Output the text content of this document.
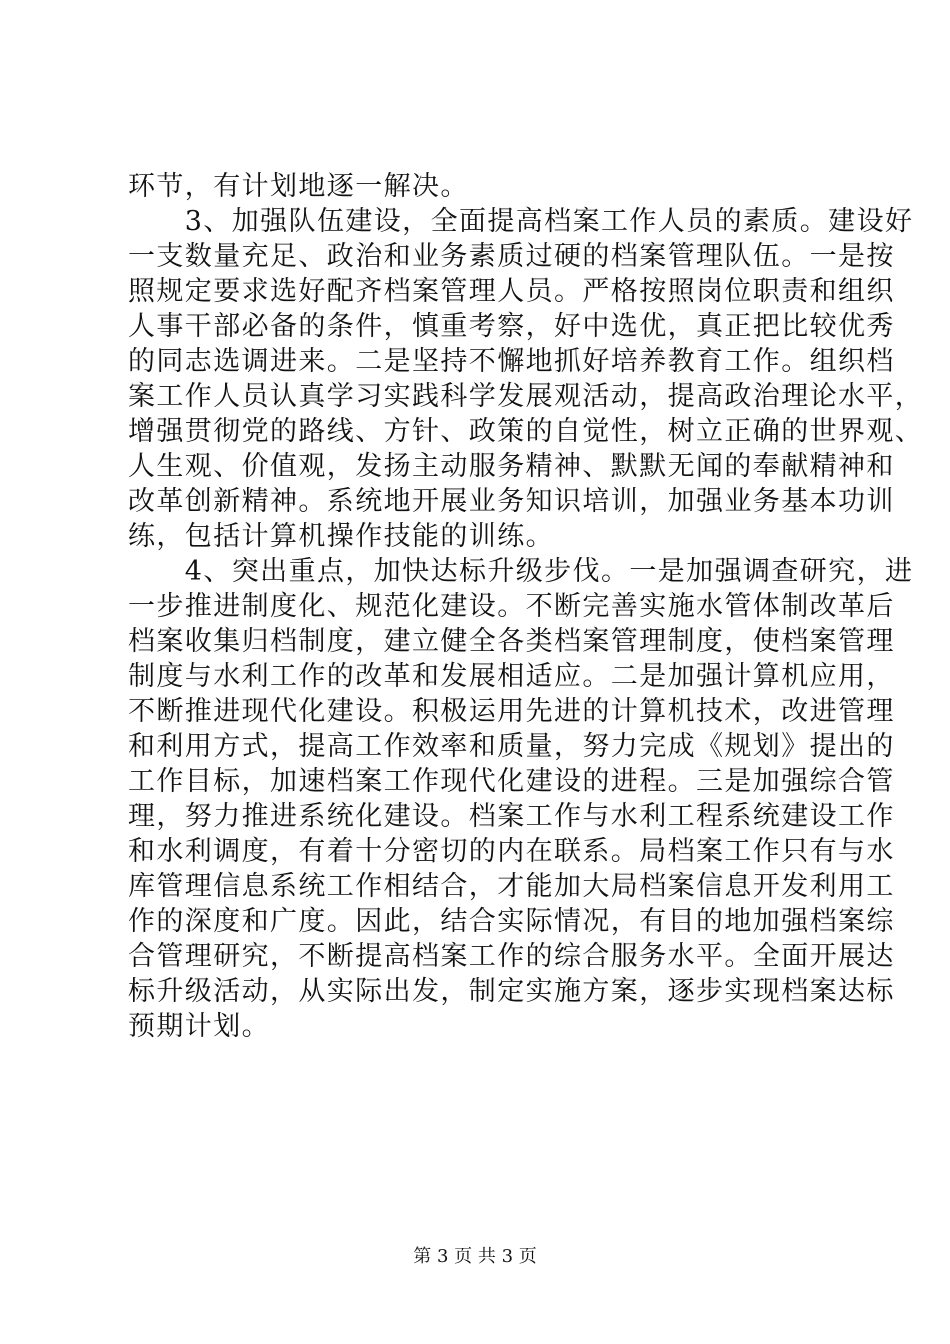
环节，有计划地逐一解决。
　　3、加强队伍建设，全面提高档案工作人员的素质。建设好
一支数量充足、政治和业务素质过硬的档案管理队伍。一是按
照规定要求选好配齐档案管理人员。严格按照岗位职责和组织
人事干部必备的条件，慎重考察，好中选优，真正把比较优秀
的同志选调进来。二是坚持不懈地抓好培养教育工作。组织档
案工作人员认真学习实践科学发展观活动，提高政治理论水平，
增强贯彻党的路线、方针、政策的自觉性，树立正确的世界观、
人生观、价值观，发扬主动服务精神、默默无闻的奉献精神和
改革创新精神。系统地开展业务知识培训，加强业务基本功训
练，包括计算机操作技能的训练。
　　4、突出重点，加快达标升级步伐。一是加强调查研究，进
一步推进制度化、规范化建设。不断完善实施水管体制改革后
档案收集归档制度，建立健全各类档案管理制度，使档案管理
制度与水利工作的改革和发展相适应。二是加强计算机应用，
不断推进现代化建设。积极运用先进的计算机技术，改进管理
和利用方式，提高工作效率和质量，努力完成《规划》提出的
工作目标，加速档案工作现代化建设的进程。三是加强综合管
理，努力推进系统化建设。档案工作与水利工程系统建设工作
和水利调度，有着十分密切的内在联系。局档案工作只有与水
库管理信息系统工作相结合，才能加大局档案信息开发利用工
作的深度和广度。因此，结合实际情况，有目的地加强档案综
合管理研究，不断提高档案工作的综合服务水平。全面开展达
标升级活动，从实际出发，制定实施方案，逐步实现档案达标
预期计划。
第 3 页 共 3 页
